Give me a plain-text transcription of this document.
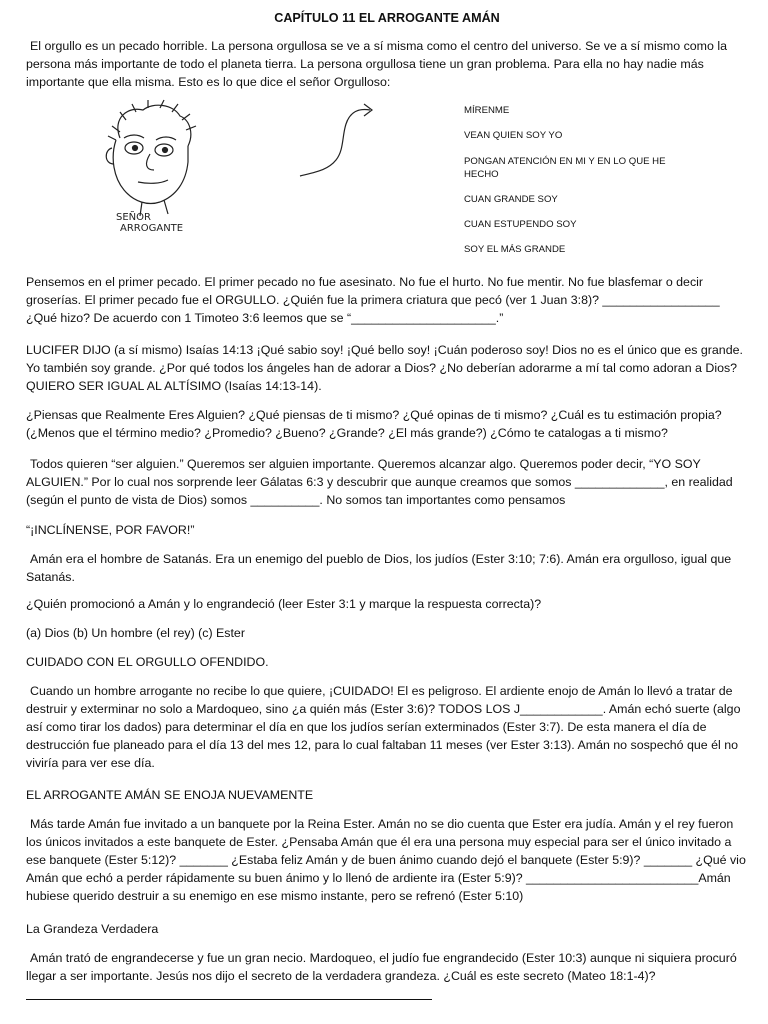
CAPÍTULO 11 EL ARROGANTE AMÁN

El orgullo es un pecado horrible. La persona orgullosa se ve a sí misma como el centro del universo. Se ve a sí mismo como la persona más importante de todo el planeta tierra. La persona orgullosa tiene un gran problema. Para ella no hay nadie más importante que ella misma. Esto es lo que dice el señor Orgulloso:

SEÑOR
ARROGANTE
MÍRENME
VEAN QUIEN SOY YO
PONGAN ATENCIÓN EN MI Y EN LO QUE HE HECHO
CUAN GRANDE SOY
CUAN ESTUPENDO SOY
SOY EL MÁS GRANDE

Pensemos en el primer pecado. El primer pecado no fue asesinato. No fue el hurto. No fue mentir. No fue blasfemar o decir groserías. El primer pecado fue el ORGULLO. ¿Quién fue la primera criatura que pecó (ver 1 Juan 3:8)? _________________ ¿Qué hizo? De acuerdo con 1 Timoteo 3:6 leemos que se “_____________________.”

LUCIFER DIJO (a sí mismo) Isaías 14:13 ¡Qué sabio soy! ¡Qué bello soy! ¡Cuán poderoso soy! Dios no es el único que es grande. Yo también soy grande. ¿Por qué todos los ángeles han de adorar a Dios? ¿No deberían adorarme a mí tal como adoran a Dios? QUIERO SER IGUAL AL ALTÍSIMO (Isaías 14:13-14).

¿Piensas que Realmente Eres Alguien? ¿Qué piensas de ti mismo? ¿Qué opinas de ti mismo? ¿Cuál es tu estimación propia? (¿Menos que el término medio? ¿Promedio? ¿Bueno? ¿Grande? ¿El más grande?) ¿Cómo te catalogas a ti mismo?

Todos quieren “ser alguien.” Queremos ser alguien importante. Queremos alcanzar algo. Queremos poder decir, “YO SOY ALGUIEN.” Por lo cual nos sorprende leer Gálatas 6:3 y descubrir que aunque creamos que somos _____________, en realidad (según el punto de vista de Dios) somos __________. No somos tan importantes como pensamos

“¡INCLÍNENSE, POR FAVOR!”

Amán era el hombre de Satanás. Era un enemigo del pueblo de Dios, los judíos (Ester 3:10; 7:6). Amán era orgulloso, igual que Satanás.

¿Quién promocionó a Amán y lo engrandeció (leer Ester 3:1 y marque la respuesta correcta)?

(a) Dios (b) Un hombre (el rey) (c) Ester

CUIDADO CON EL ORGULLO OFENDIDO.

Cuando un hombre arrogante no recibe lo que quiere, ¡CUIDADO! El es peligroso. El ardiente enojo de Amán lo llevó a tratar de destruir y exterminar no solo a Mardoqueo, sino ¿a quién más (Ester 3:6)? TODOS LOS J____________. Amán echó suerte (algo así como tirar los dados) para determinar el día en que los judíos serían exterminados (Ester 3:7). De esta manera el día de destrucción fue planeado para el día 13 del mes 12, para lo cual faltaban 11 meses (ver Ester 3:13). Amán no sospechó que él no viviría para ver ese día.

EL ARROGANTE AMÁN SE ENOJA NUEVAMENTE

Más tarde Amán fue invitado a un banquete por la Reina Ester. Amán no se dio cuenta que Ester era judía. Amán y el rey fueron los únicos invitados a este banquete de Ester. ¿Pensaba Amán que él era una persona muy especial para ser el único invitado a ese banquete (Ester 5:12)? _______ ¿Estaba feliz Amán y de buen ánimo cuando dejó el banquete (Ester 5:9)? _______ ¿Qué vio Amán que echó a perder rápidamente su buen ánimo y lo llenó de ardiente ira (Ester 5:9)? _________________________Amán hubiese querido destruir a su enemigo en ese mismo instante, pero se refrenó (Ester 5:10)

La Grandeza Verdadera

Amán trató de engrandecerse y fue un gran necio. Mardoqueo, el judío fue engrandecido (Ester 10:3) aunque ni siquiera procuró llegar a ser importante. Jesús nos dijo el secreto de la verdadera grandeza. ¿Cuál es este secreto (Mateo 18:1-4)?
